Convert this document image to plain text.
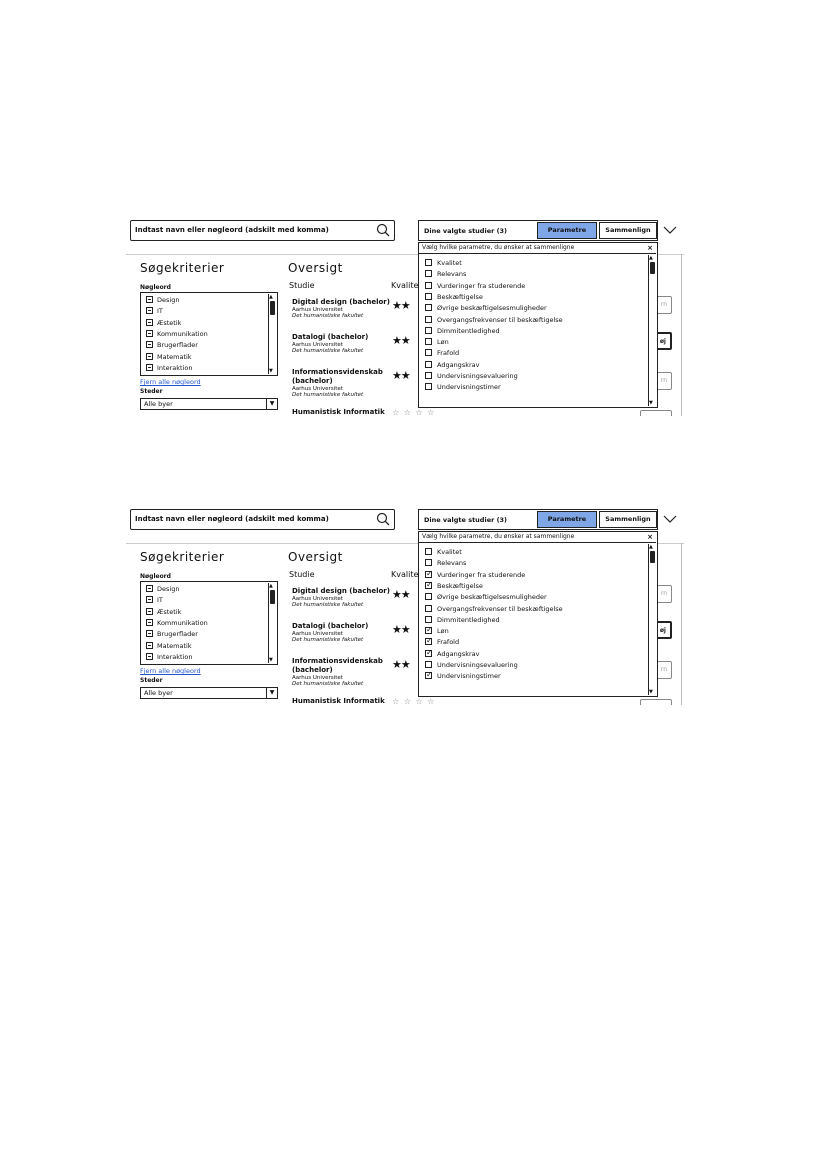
Indtast navn eller nøgleord (adskilt med komma)	Dine valgte studier (3)	Parametre	Sammenlign
Søgekriterier
Nøgleord
Design
IT
Æstetik
Kommunikation
Brugerflader
Matematik
Interaktion
▲
▼
Fjern alle nøgleord
Steder
Alle byer	▼
Oversigt
Studie	Kvalite
Digital design (bachelor)
Aarhus Universitet
Det humanistiske fakultet
★★
Datalogi (bachelor)
Aarhus Universitet
Det humanistiske fakultet
★★
Informationsvidenskab
(bachelor)
Aarhus Universitet
Det humanistiske fakultet
★★
Humanistisk Informatik ☆ ☆ ☆ ☆
rn
øj
rn
Vælg hvilke parametre, du ønsker at sammenligne	×
Kvalitet
Relevans
Vurderinger fra studerende
Beskæftigelse
Øvrige beskæftigelsesmuligheder
Overgangsfrekvenser til beskæftigelse
Dimmitentledighed
Løn
Frafold
Adgangskrav
Undervisningsevaluering
Undervisningstimer
▲
▼
Indtast navn eller nøgleord (adskilt med komma)	Dine valgte studier (3)	Parametre	Sammenlign
Søgekriterier
Nøgleord
Design
IT
Æstetik
Kommunikation
Brugerflader
Matematik
Interaktion
▲
▼
Fjern alle nøgleord
Steder
Alle byer	▼
Oversigt
Studie	Kvalite
Digital design (bachelor)
Aarhus Universitet
Det humanistiske fakultet
★★
Datalogi (bachelor)
Aarhus Universitet
Det humanistiske fakultet
★★
Informationsvidenskab
(bachelor)
Aarhus Universitet
Det humanistiske fakultet
★★
Humanistisk Informatik ☆ ☆ ☆ ☆
rn
øj
rn
Vælg hvilke parametre, du ønsker at sammenligne	×
Kvalitet
Relevans
✓Vurderinger fra studerende
✓Beskæftigelse
Øvrige beskæftigelsesmuligheder
Overgangsfrekvenser til beskæftigelse
Dimmitentledighed
✓Løn
✓Frafold
✓Adgangskrav
Undervisningsevaluering
✓Undervisningstimer
▲
▼
